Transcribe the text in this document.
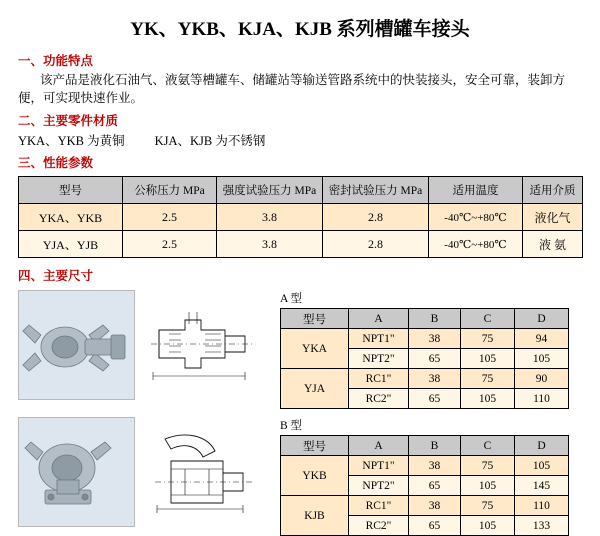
YK、YKB、KJA、KJB 系列槽罐车接头
一、功能特点
该产品是液化石油气、液氨等槽罐车、储罐站等输送管路系统中的快装接头，安全可靠，装卸方便，可实现快速作业。
二、主要零件材质
YKA、YKB 为黄铜 KJA、KJB 为不锈钢
三、性能参数
型号	公称压力 MPa	强度试验压力 MPa	密封试验压力 MPa	适用温度	适用介质
YKA、YKB	2.5	3.8	2.8	-40℃~+80℃	液化气
YJA、YJB	2.5	3.8	2.8	-40℃~+80℃	液 氨
四、主要尺寸
A 型
型号	A	B	C	D
YKA	NPT1"	38	75	94
	NPT2"	65	105	105
YJA	RC1"	38	75	90
	RC2"	65	105	110
B 型
型号	A	B	C	D
YKB	NPT1"	38	75	105
	NPT2"	65	105	145
KJB	RC1"	38	75	110
	RC2"	65	105	133
